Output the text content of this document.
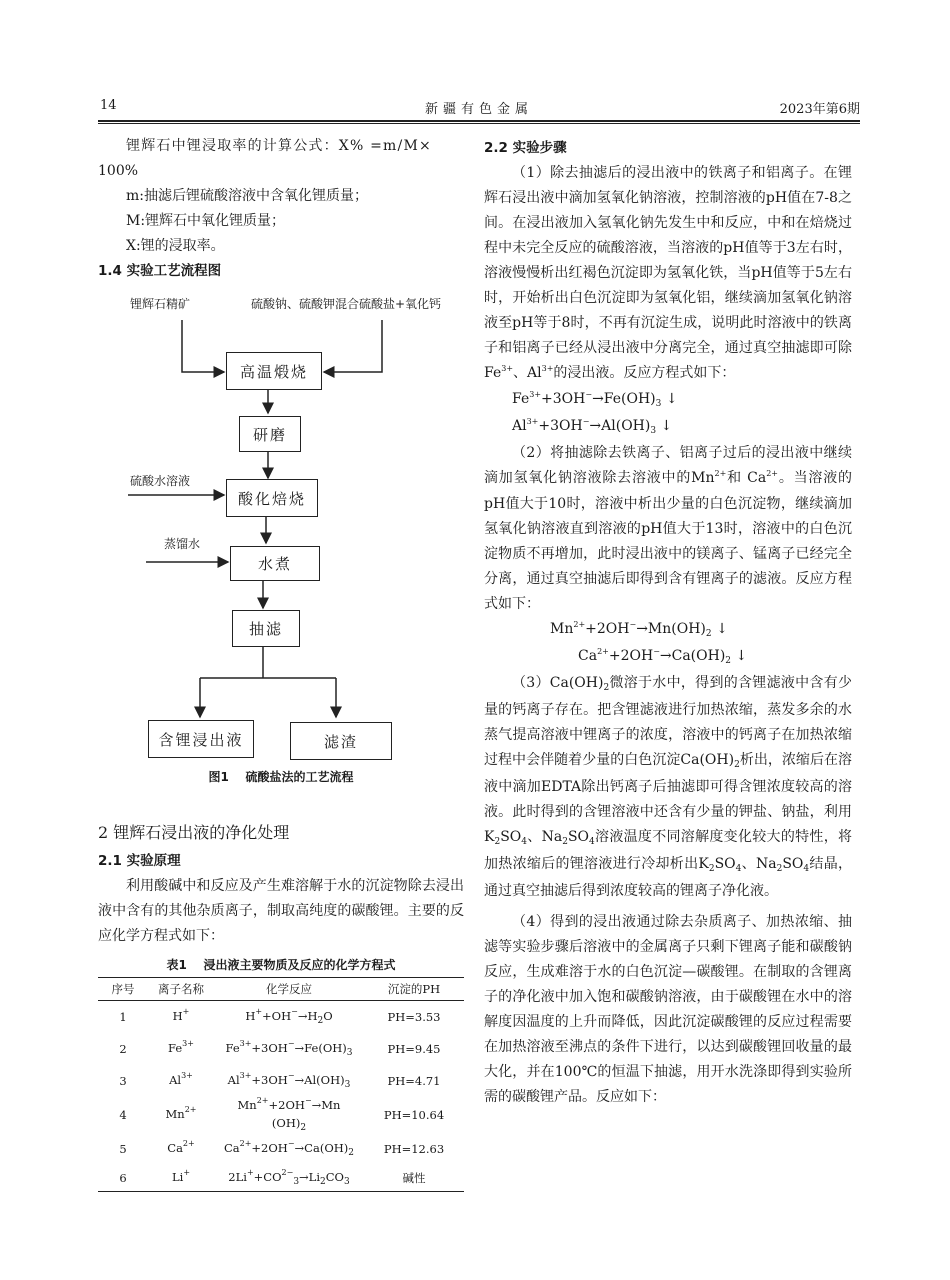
14	新疆有色金属	2023年第6期

锂辉石中锂浸取率的计算公式：X% =m/M×

100%

m:抽滤后锂硫酸溶液中含氧化锂质量；

M:锂辉石中氧化锂质量；

X:锂的浸取率。

1.4 实验工艺流程图

锂辉石精矿	硫酸钠、硫酸钾混合硫酸盐+氧化钙
高温煅烧
研磨
硫酸水溶液
酸化焙烧
蒸馏水
水煮
抽滤
含锂浸出液	滤渣
图1    硫酸盐法的工艺流程

2 锂辉石浸出液的净化处理

2.1 实验原理

利用酸碱中和反应及产生难溶解于水的沉淀物除去浸出液中含有的其他杂质离子，制取高纯度的碳酸锂。主要的反应化学方程式如下：

表1    浸出液主要物质及反应的化学方程式
序号	离子名称	化学反应	沉淀的PH
1	H+	$H^++OH^-\to H_2O$	PH=3.53
2	$Fe^{3+}$	$Fe^{3+}+3OH^-\to Fe(OH)_3$	PH=9.45
3	$Al^{3+}$	$Al^{3+}+3OH^-\to Al(OH)_3$	PH=4.71
4	$Mn^{2+}$	$Mn^{2+}+2OH^-\to Mn$
$(OH)_2$	PH=10.64
5	$Ca^{2+}$	$Ca^{2+}+2OH^-\to Ca(OH)_2$	PH=12.63
6	Li+	$2Li^++CO^{2-}_3\to Li_2CO_3$	碱性

2.2 实验步骤

（1）除去抽滤后的浸出液中的铁离子和铝离子。在锂辉石浸出液中滴加氢氧化钠溶液，控制溶液的pH值在7-8之间。在浸出液加入氢氧化钠先发生中和反应，中和在焙烧过程中未完全反应的硫酸溶液，当溶液的pH值等于3左右时，溶液慢慢析出红褐色沉淀即为氢氧化铁，当pH值等于5左右时，开始析出白色沉淀即为氢氧化铝，继续滴加氢氧化钠溶液至pH等于8时，不再有沉淀生成，说明此时溶液中的铁离子和铝离子已经从浸出液中分离完全，通过真空抽滤即可除$Fe^{3+}$、$Al^{3+}$的浸出液。反应方程式如下：

$Fe^{3+}+3OH^-\to Fe(OH)_3$ ↓

$Al^{3+}+3OH^-\to Al(OH)_3$ ↓

（2）将抽滤除去铁离子、铝离子过后的浸出液中继续滴加氢氧化钠溶液除去溶液中的$Mn^{2+}$和 $Ca^{2+}$。当溶液的pH值大于10时，溶液中析出少量的白色沉淀物，继续滴加氢氧化钠溶液直到溶液的pH值大于13时，溶液中的白色沉淀物质不再增加，此时浸出液中的镁离子、锰离子已经完全分离，通过真空抽滤后即得到含有锂离子的滤液。反应方程式如下：

$Mn^{2+}+2OH^-\to Mn(OH)_2$ ↓

$Ca^{2+}+2OH^-\to Ca(OH)_2$ ↓

$(3)Ca(OH)_2$微溶于水中，得到的含锂滤液中含有少量的钙离子存在。把含锂滤液进行加热浓缩，蒸发多余的水蒸气提高溶液中锂离子的浓度，溶液中的钙离子在加热浓缩过程中会伴随着少量的白色沉淀$Ca(OH)_2$析出，浓缩后在溶液中滴加EDTA除出钙离子后抽滤即可得含锂浓度较高的溶液。此时得到的含锂溶液中还含有少量的钾盐、钠盐，利用$K_2SO_4$、$Na_2SO_4$溶液温度不同溶解度变化较大的特性，将加热浓缩后的锂溶液进行冷却析出$K_2SO_4$、$Na_2SO_4$结晶，通过真空抽滤后得到浓度较高的锂离子净化液。

（4）得到的浸出液通过除去杂质离子、加热浓缩、抽滤等实验步骤后溶液中的金属离子只剩下锂离子能和碳酸钠反应，生成难溶于水的白色沉淀—碳酸锂。在制取的含锂离子的净化液中加入饱和碳酸钠溶液，由于碳酸锂在水中的溶解度因温度的上升而降低，因此沉淀碳酸锂的反应过程需要在加热溶液至沸点的条件下进行，以达到碳酸锂回收量的最大化，并在100℃的恒温下抽滤，用开水洗涤即得到实验所需的碳酸锂产品。反应如下：
